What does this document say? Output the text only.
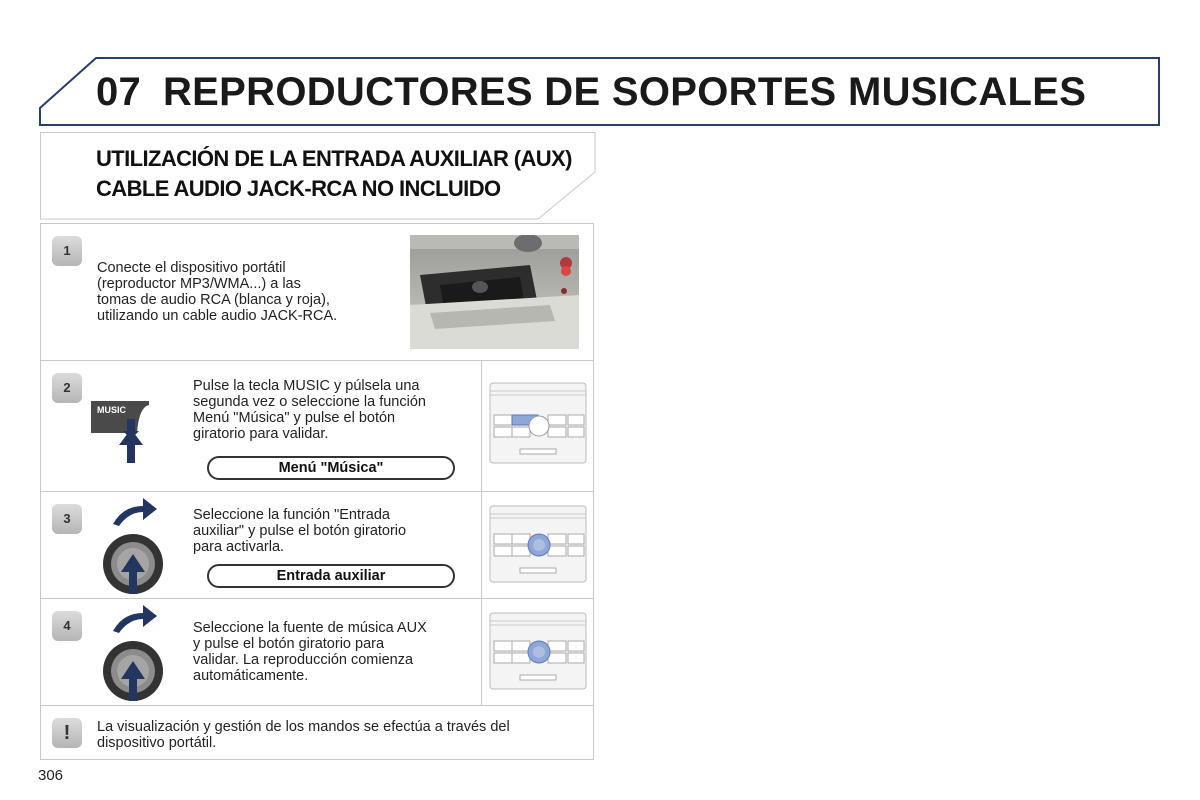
07 REPRODUCTORES DE SOPORTES MUSICALES
UTILIZACIÓN DE LA ENTRADA AUXILIAR (AUX)
CABLE AUDIO JACK-RCA NO INCLUIDO
1
Conecte el dispositivo portátil
(reproductor MP3/WMA...) a las
tomas de audio RCA (blanca y roja),
utilizando un cable audio JACK-RCA.
2
MUSIC
Pulse la tecla MUSIC y púlsela una
segunda vez o seleccione la función
Menú "Música" y pulse el botón
giratorio para validar.
Menú "Música"
3	Seleccione la función "Entrada
auxiliar" y pulse el botón giratorio
para activarla.
Entrada auxiliar
4	Seleccione la fuente de música AUX
y pulse el botón giratorio para
validar. La reproducción comienza
automáticamente.
!	La visualización y gestión de los mandos se efectúa a través del
dispositivo portátil.
306
